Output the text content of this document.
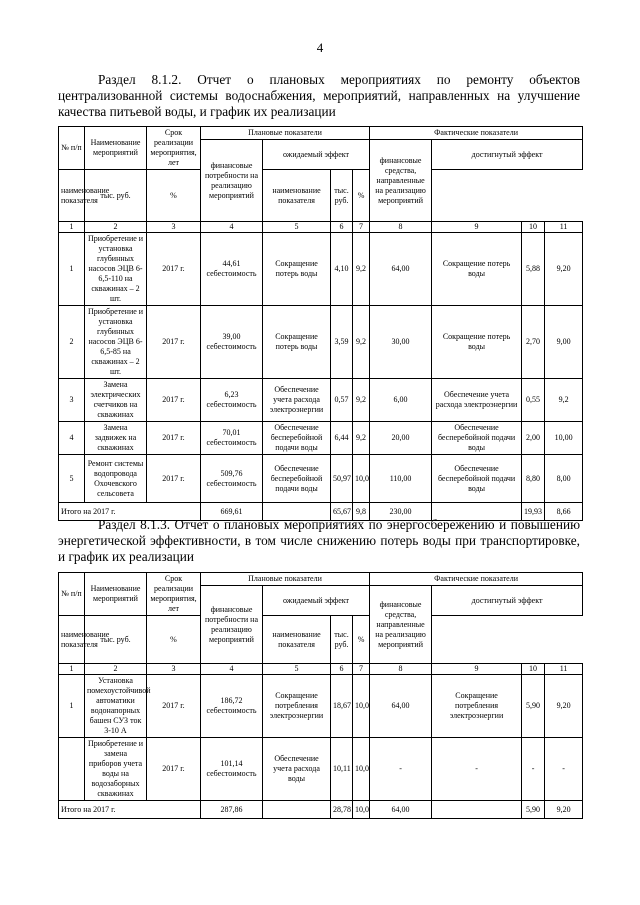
4
Раздел 8.1.2. Отчет о плановых мероприятиях по ремонту объектов централизованной системы водоснабжения, мероприятий, направленных на улучшение качества питьевой воды, и график их реализации
№ п/п	Наименование мероприятий	Срок реализации мероприятия, лет	Плановые показатели				Фактические показатели			
			финансовые потребности на реализацию мероприятий	ожидаемый эффект			финансовые средства, направленные на реализацию мероприятий	достигнутый эффект		
наименование показателя	тыс. руб.	%		наименование показателя	тыс. руб.	%				
1	2	3	4	5	6	7	8	9	10	11
1	Приобретение и установка глубинных насосов ЭЦВ 6-6,5-110 на скважинах – 2 шт.	2017 г.	44,61 себестоимость	Сокращение потерь воды	4,10	9,2	64,00	Сокращение потерь воды	5,88	9,20
2	Приобретение и установка глубинных насосов ЭЦВ 6-6,5-85 на скважинах – 2 шт.	2017 г.	39,00 себестоимость	Сокращение потерь воды	3,59	9,2	30,00	Сокращение потерь воды	2,70	9,00
3	Замена электрических счетчиков на скважинах	2017 г.	6,23 себестоимость	Обеспечение учета расхода электроэнергии	0,57	9,2	6,00	Обеспечение учета расхода электроэнергии	0,55	9,2
4	Замена задвижек на скважинах	2017 г.	70,01 себестоимость	Обеспечение бесперебойной подачи воды	6,44	9,2	20,00	Обеспечение бесперебойной подачи воды	2,00	10,00
5	Ремонт системы водопровода Охочевского сельсовета	2017 г.	509,76 себестоимость	Обеспечение бесперебойной подачи воды	50,97	10,0	110,00	Обеспечение бесперебойной подачи воды	8,80	8,00
Итого на 2017 г.			669,61		65,67	9,8	230,00		19,93	8,66
Раздел 8.1.3. Отчет о плановых мероприятиях по энергосбережению и повышению энергетической эффективности, в том числе снижению потерь воды при транспортировке, и график их реализации
№ п/п	Наименование мероприятий	Срок реализации мероприятия, лет	Плановые показатели				Фактические показатели			
			финансовые потребности на реализацию мероприятий	ожидаемый эффект			финансовые средства, направленные на реализацию мероприятий	достигнутый эффект		
наименование показателя	тыс. руб.	%		наименование показателя	тыс. руб.	%				
1	2	3	4	5	6	7	8	9	10	11
1	Установка помехоустойчивой автоматики водонапорных башен СУЗ ток 3-10 А	2017 г.	186,72 себестоимость	Сокращение потребления электроэнергии	18,67	10,0	64,00	Сокращение потребления электроэнергии	5,90	9,20
	Приобретение и замена приборов учета воды на водозаборных скважинах	2017 г.	101,14 себестоимость	Обеспечение учета расхода воды	10,11	10,0	-	-	-	-
Итого на 2017 г.			287,86		28,78	10,0	64,00		5,90	9,20
